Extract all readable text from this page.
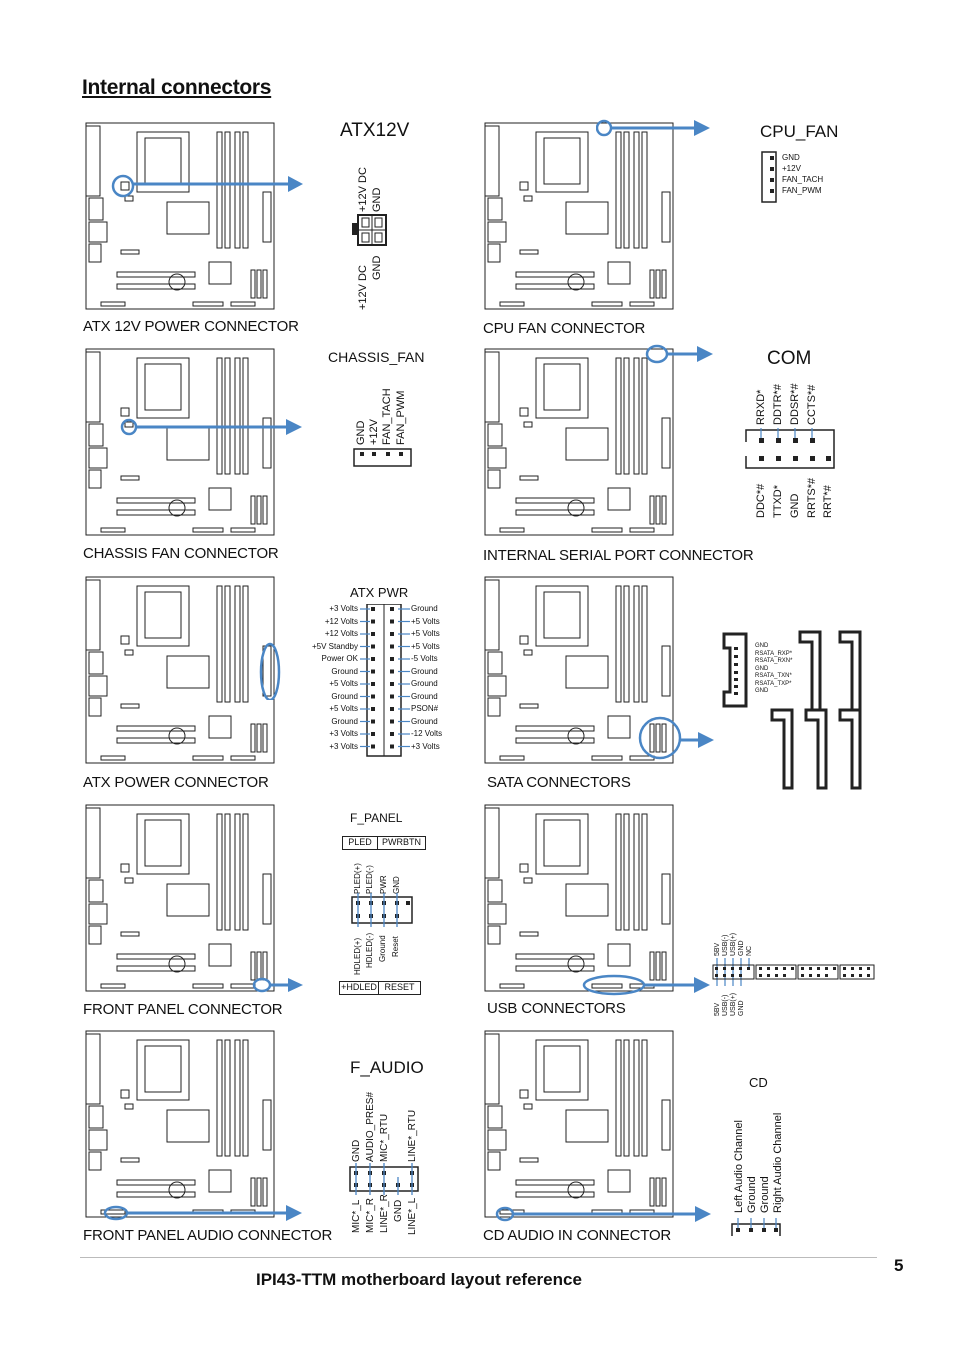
Internal connectors
ATX12V
+12V DC GND
+12V DC GND
ATX 12V POWER CONNECTOR
CPU_FAN
GND
+12V
FAN_TACH
FAN_PWM
CPU FAN CONNECTOR
CHASSIS_FAN
GND +12V FAN_TACH FAN_PWM
CHASSIS FAN CONNECTOR
COM
RRXD* DDTR*# DDSR*# CCTS*#
DDC*# TTXD* GND RRTS*# RRT*#
INTERNAL SERIAL PORT CONNECTOR
ATX PWR
+3 Volts
+12 Volts
+12 Volts
+5V Standby
Power OK
Ground
+5 Volts
Ground
+5 Volts
Ground
+3 Volts
+3 Volts
Ground
+5 Volts
+5 Volts
+5 Volts
-5 Volts
Ground
Ground
Ground
PSON#
Ground
-12 Volts
+3 Volts
ATX POWER CONNECTOR
GND
RSATA_RXP*
RSATA_RXN*
GND
RSATA_TXN*
RSATA_TXP*
GND
SATA CONNECTORS
F_PANEL
PLED	PWRBTN
PLED(+) PLED(-) PWR GND
HDLED(+) HDLED(-) Ground Reset
+HDLED RESET
FRONT PANEL CONNECTOR
5BV USB(-) USB(+) GND NC
5BV USB(-) USB(+) GND
USB CONNECTORS
F_AUDIO
GND AUDIO_PRES# MIC*_RTU LINE*_RTU
MIC*_L MIC*_R LINE*_R GND LINE*_L
FRONT PANEL AUDIO CONNECTOR
CD
Left Audio Channel Ground Ground Right Audio Channel
CD AUDIO IN CONNECTOR
IPI43-TTM motherboard layout reference
5
